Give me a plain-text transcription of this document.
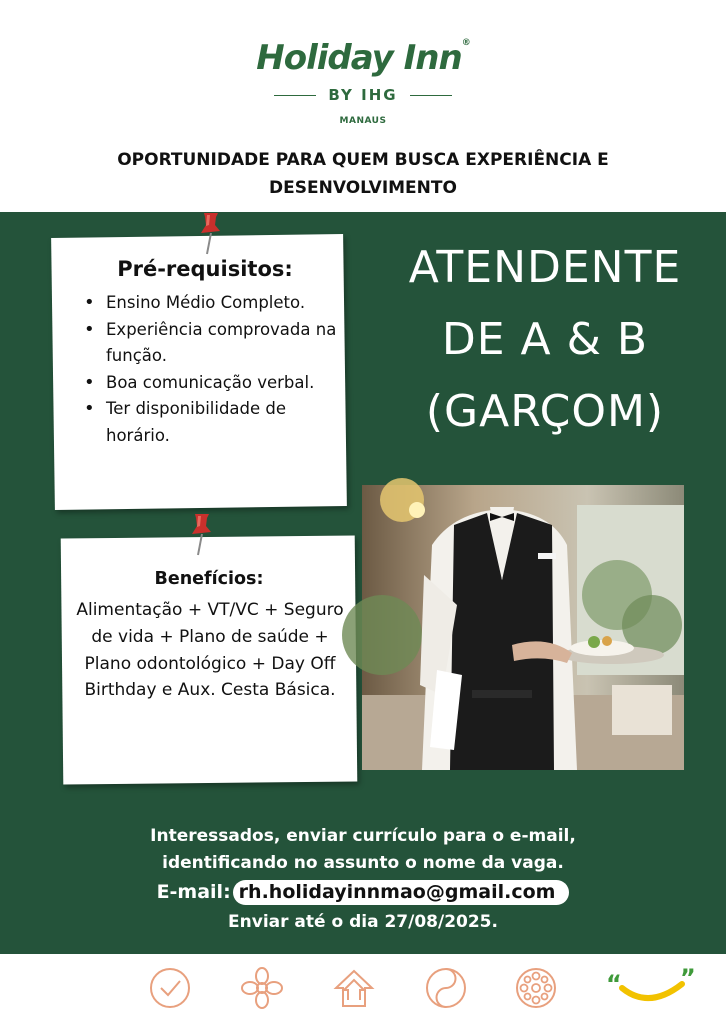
Holiday Inn®
BY IHG
MANAUS
OPORTUNIDADE PARA QUEM BUSCA EXPERIÊNCIA E
DESENVOLVIMENTO
Pré-requisitos:
• Ensino Médio Completo.
• Experiência comprovada na função.
• Boa comunicação verbal.
• Ter disponibilidade de horário.
Benefícios:
Alimentação + VT/VC + Seguro de vida + Plano de saúde + Plano odontológico + Day Off Birthday e Aux. Cesta Básica.
ATENDENTE
DE A & B
(GARÇOM)
Interessados, enviar currículo para o e-mail,
identificando no assunto o nome da vaga.
E-mail: rh.holidayinnmao@gmail.com
Enviar até o dia 27/08/2025.
“ ”
